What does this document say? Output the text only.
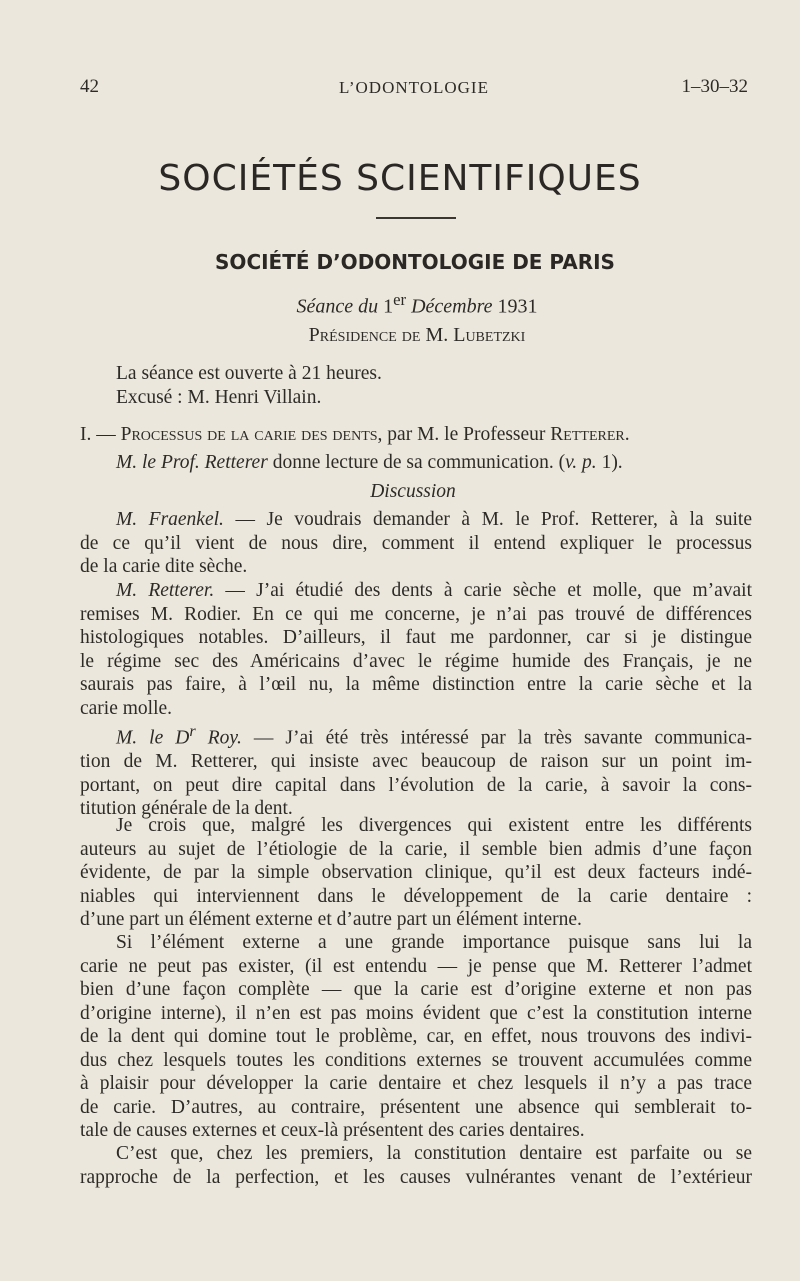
42	L’ODONTOLOGIE	1–30–32
SOCIÉTÉS SCIENTIFIQUES
SOCIÉTÉ D’ODONTOLOGIE DE PARIS
Séance du 1er Décembre 1931
Présidence de M. Lubetzki
La séance est ouverte à 21 heures.
Excusé : M. Henri Villain.
I. — Processus de la carie des dents, par M. le Professeur Retterer.
M. le Prof. Retterer donne lecture de sa communication. (v. p. 1).
Discussion
M. Fraenkel. — Je voudrais demander à M. le Prof. Retterer, à la suite
de ce qu’il vient de nous dire, comment il entend expliquer le processus
de la carie dite sèche.
M. Retterer. — J’ai étudié des dents à carie sèche et molle, que m’avait
remises M. Rodier. En ce qui me concerne, je n’ai pas trouvé de différences
histologiques notables. D’ailleurs, il faut me pardonner, car si je distingue
le régime sec des Américains d’avec le régime humide des Français, je ne
saurais pas faire, à l’œil nu, la même distinction entre la carie sèche et la
carie molle.
M. le $D^r$ Roy. — J’ai été très intéressé par la très savante communica-
tion de M. Retterer, qui insiste avec beaucoup de raison sur un point im-
portant, on peut dire capital dans l’évolution de la carie, à savoir la cons-
titution générale de la dent.
Je crois que, malgré les divergences qui existent entre les différents
auteurs au sujet de l’étiologie de la carie, il semble bien admis d’une façon
évidente, de par la simple observation clinique, qu’il est deux facteurs indé-
niables qui interviennent dans le développement de la carie dentaire :
d’une part un élément externe et d’autre part un élément interne.
Si l’élément externe a une grande importance puisque sans lui la
carie ne peut pas exister, (il est entendu — je pense que M. Retterer l’admet
bien d’une façon complète — que la carie est d’origine externe et non pas
d’origine interne), il n’en est pas moins évident que c’est la constitution interne
de la dent qui domine tout le problème, car, en effet, nous trouvons des indivi-
dus chez lesquels toutes les conditions externes se trouvent accumulées comme
à plaisir pour développer la carie dentaire et chez lesquels il n’y a pas trace
de carie. D’autres, au contraire, présentent une absence qui semblerait to-
tale de causes externes et ceux-là présentent des caries dentaires.
C’est que, chez les premiers, la constitution dentaire est parfaite ou se
rapproche de la perfection, et les causes vulnérantes venant de l’extérieur
